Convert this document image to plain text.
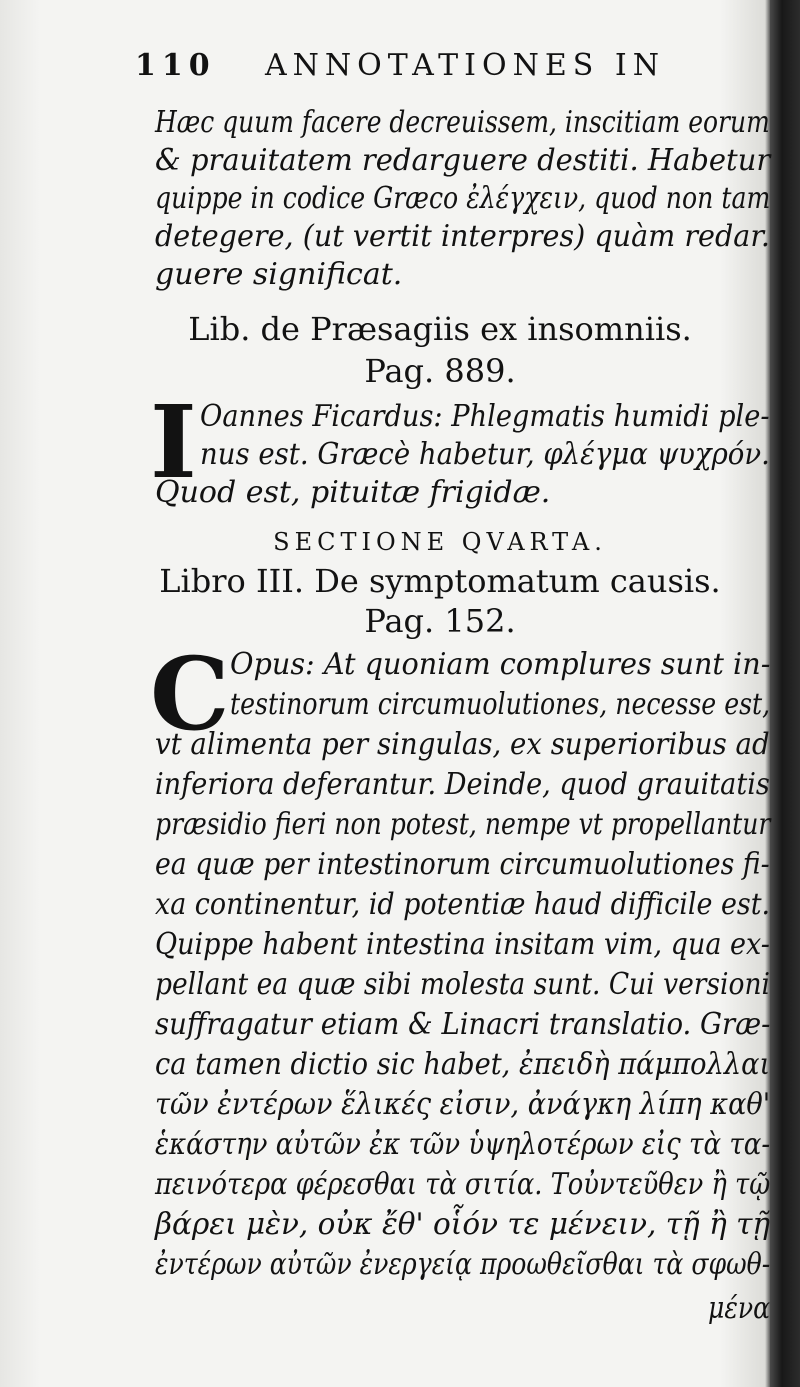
110 ANNOTATIONES IN
Hæc quum facere decreuissem, inscitiam eorum
& prauitatem redarguere destiti. Habetur
quippe in codice Græco ἐλέγχειν, quod non tam
detegere, (ut vertit interpres) quàm redar.
guere significat.
Lib. de Præsagiis ex insomniis.
Pag. 889.
I Oannes Ficardus: Phlegmatis humidi ple-
nus est. Græcè habetur, φλέγμα ψυχρόν.
Quod est, pituitæ frigidæ.
SECTIONE QVARTA.
Libro III. De symptomatum causis.
Pag. 152.
C Opus: At quoniam complures sunt in-
testinorum circumuolutiones, necesse est,
vt alimenta per singulas, ex superioribus ad
inferiora deferantur. Deinde, quod grauitatis
præsidio fieri non potest, nempe vt propellantur
ea quæ per intestinorum circumuolutiones fi-
xa continentur, id potentiæ haud difficile est.
Quippe habent intestina insitam vim, qua ex-
pellant ea quæ sibi molesta sunt. Cui versioni
suffragatur etiam & Linacri translatio. Græ-
ca tamen dictio sic habet, ἐπειδὴ πάμπολλαι
τῶν ἐντέρων ἕλικές εἰσιν, ἀνάγκη λίπη καθ'
ἑκάστην αὐτῶν ἐκ τῶν ὑψηλοτέρων εἰς τὰ τα-
πεινότερα φέρεσθαι τὰ σιτία. Τοὐντεῦθεν ἢ τῷ
βάρει μὲν, οὐκ ἔθ' οἷόν τε μένειν, τῇ ἢ τῇ
ἐντέρων αὐτῶν ἐνεργείᾳ προωθεῖσθαι τὰ σφωθ-
μένα
